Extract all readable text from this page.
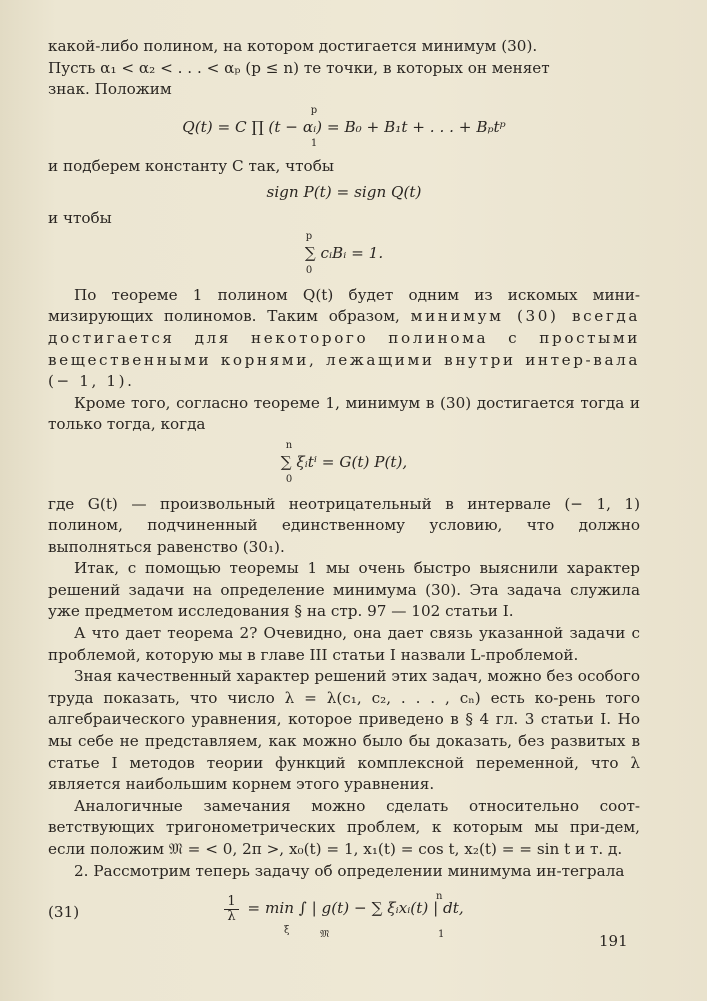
какой-либо полином, на котором достигается минимум (30).

Пусть α₁ < α₂ < . . . < αₚ (p ≤ n) те точки, в которых он меняет

знак. Положим

p
Q(t) = C ∏ (t − αᵢ) = B₀ + B₁t + . . . + Bₚtᵖ
1

и подберем константу C так, чтобы

sign P(t) = sign Q(t)

и чтобы

p
∑ cᵢBᵢ = 1.
0

По теореме 1 полином Q(t) будет одним из искомых мини- мизирующих полиномов. Таким образом, минимум (30) всегда достигается для некоторого полинома с простыми вещественными корнями, лежащими внутри интер-вала (− 1, 1).

Кроме того, согласно теореме 1, минимум в (30) достигается тогда и только тогда, когда

n
∑ ξᵢtⁱ = G(t) P(t),
0

где G(t) — произвольный неотрицательный в интервале (− 1, 1) полином, подчиненный единственному условию, что должно выполняться равенство (30₁).

Итак, с помощью теоремы 1 мы очень быстро выяснили характер решений задачи на определение минимума (30). Эта задача служила уже предметом исследования § на стр. 97 — 102 статьи I.

А что дает теорема 2? Очевидно, она дает связь указанной задачи с проблемой, которую мы в главе III статьи I назвали L-проблемой.

Зная качественный характер решений этих задач, можно без особого труда показать, что число λ = λ(c₁, c₂, . . . , cₙ) есть ко-рень того алгебраического уравнения, которое приведено в § 4 гл. 3 статьи I. Но мы себе не представляем, как можно было бы доказать, без развитых в статье I методов теории функций комплексной переменной, что λ является наибольшим корнем этого уравнения.

Аналогичные замечания можно сделать относительно соот-ветствующих тригонометрических проблем, к которым мы при-дем, если положим 𝔐 = < 0, 2π >, x₀(t) = 1, x₁(t) = cos t, x₂(t) = = sin t и т. д.

2. Рассмотрим теперь задачу об определении минимума ин-теграла

(31)
n
$\frac{1}{\lambda} = \min$ ∫ | g(t) − ∑ ξᵢxᵢ(t) | dt,
ξ	𝔐	1	191
